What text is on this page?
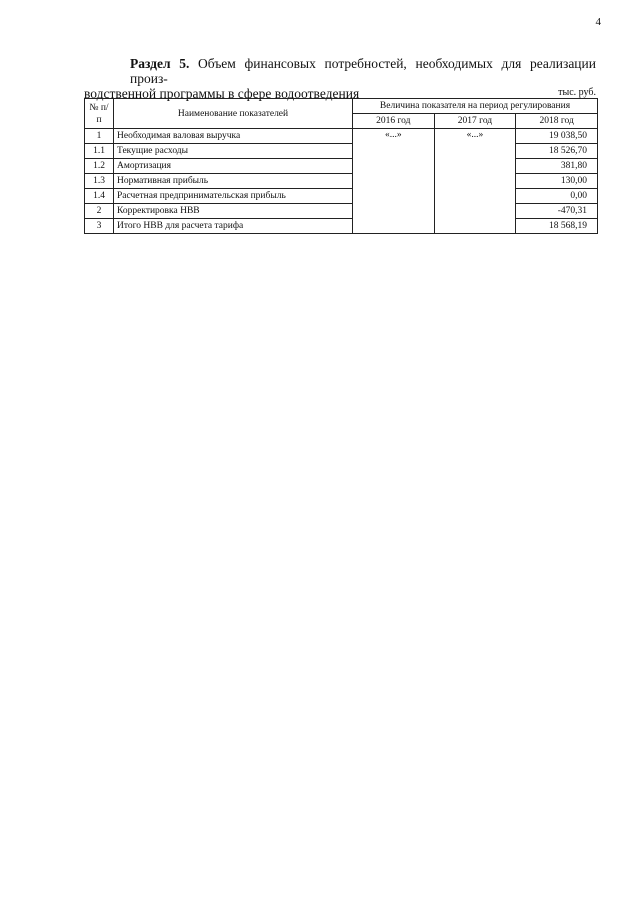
4
Раздел 5. Объем финансовых потребностей, необходимых для реализации произ-
водственной программы в сфере водоотведения	тыс. руб.
№ п/п	Наименование показателей	Величина показателя на период регулирования		
		2016 год	2017 год	2018 год
1	Необходимая валовая выручка	«...»	«...»	19 038,50
1.1	Текущие расходы			18 526,70
1.2	Амортизация			381,80
1.3	Нормативная прибыль			130,00
1.4	Расчетная предпринимательская прибыль			0,00
2	Корректировка НВВ			-470,31
3	Итого НВВ для расчета тарифа			18 568,19
